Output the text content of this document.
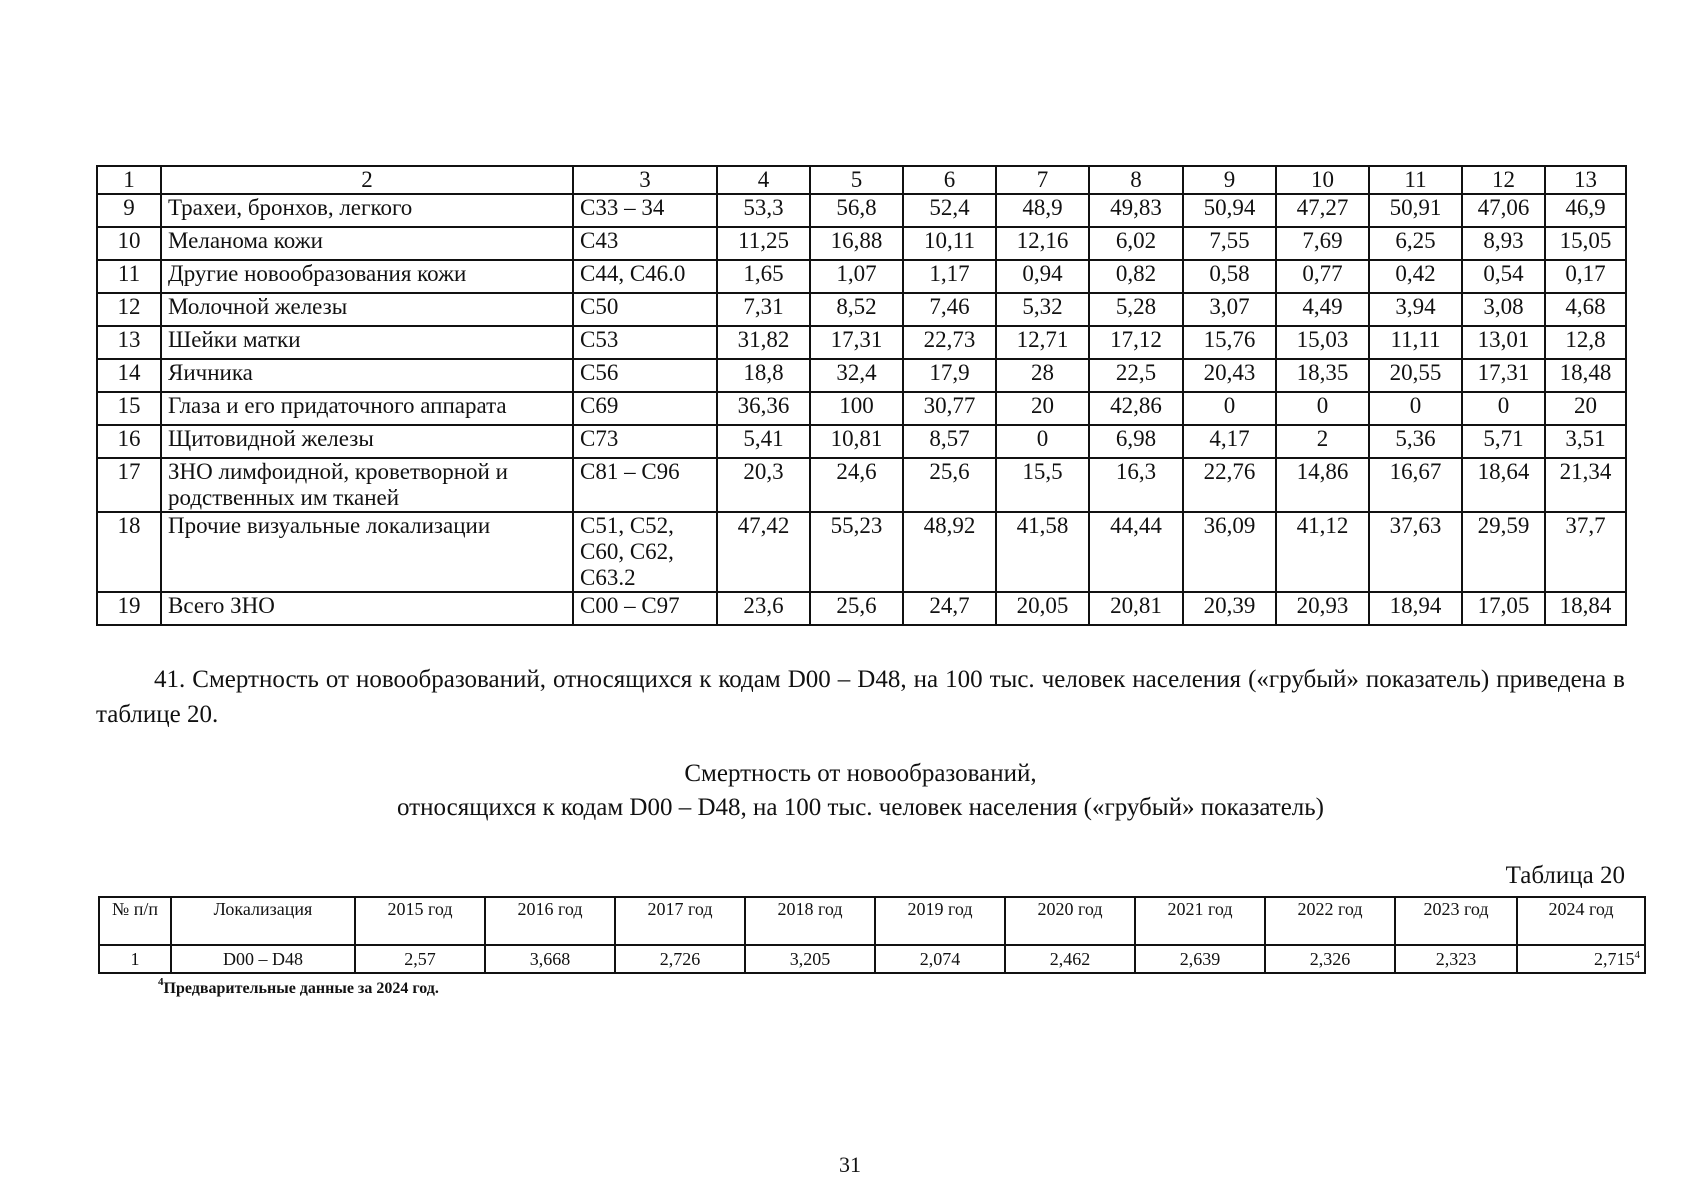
1	2	3	4	5	6	7	8	9	10	11	12	13
9	Трахеи, бронхов, легкого	С33 – 34	53,3	56,8	52,4	48,9	49,83	50,94	47,27	50,91	47,06	46,9
10	Меланома кожи	С43	11,25	16,88	10,11	12,16	6,02	7,55	7,69	6,25	8,93	15,05
11	Другие новообразования кожи	С44, С46.0	1,65	1,07	1,17	0,94	0,82	0,58	0,77	0,42	0,54	0,17
12	Молочной железы	С50	7,31	8,52	7,46	5,32	5,28	3,07	4,49	3,94	3,08	4,68
13	Шейки матки	С53	31,82	17,31	22,73	12,71	17,12	15,76	15,03	11,11	13,01	12,8
14	Яичника	С56	18,8	32,4	17,9	28	22,5	20,43	18,35	20,55	17,31	18,48
15	Глаза и его придаточного аппарата	С69	36,36	100	30,77	20	42,86	0	0	0	0	20
16	Щитовидной железы	С73	5,41	10,81	8,57	0	6,98	4,17	2	5,36	5,71	3,51
17	ЗНО лимфоидной, кроветворной и родственных им тканей	С81 – С96	20,3	24,6	25,6	15,5	16,3	22,76	14,86	16,67	18,64	21,34
18	Прочие визуальные локализации	С51, С52, С60, С62, С63.2	47,42	55,23	48,92	41,58	44,44	36,09	41,12	37,63	29,59	37,7
19	Всего ЗНО	С00 – С97	23,6	25,6	24,7	20,05	20,81	20,39	20,93	18,94	17,05	18,84
41. Смертность от новообразований, относящихся к кодам D00 – D48, на 100 тыс. человек населения («грубый» показатель) приведена в таблице 20.
Смертность от новообразований,
относящихся к кодам D00 – D48, на 100 тыс. человек населения («грубый» показатель)
Таблица 20
№ п/п	Локализация	2015 год	2016 год	2017 год	2018 год	2019 год	2020 год	2021 год	2022 год	2023 год	2024 год
1	D00 – D48	2,57	3,668	2,726	3,205	2,074	2,462	2,639	2,326	2,323	2,715$^4$
$^4$Предварительные данные за 2024 год.
31
